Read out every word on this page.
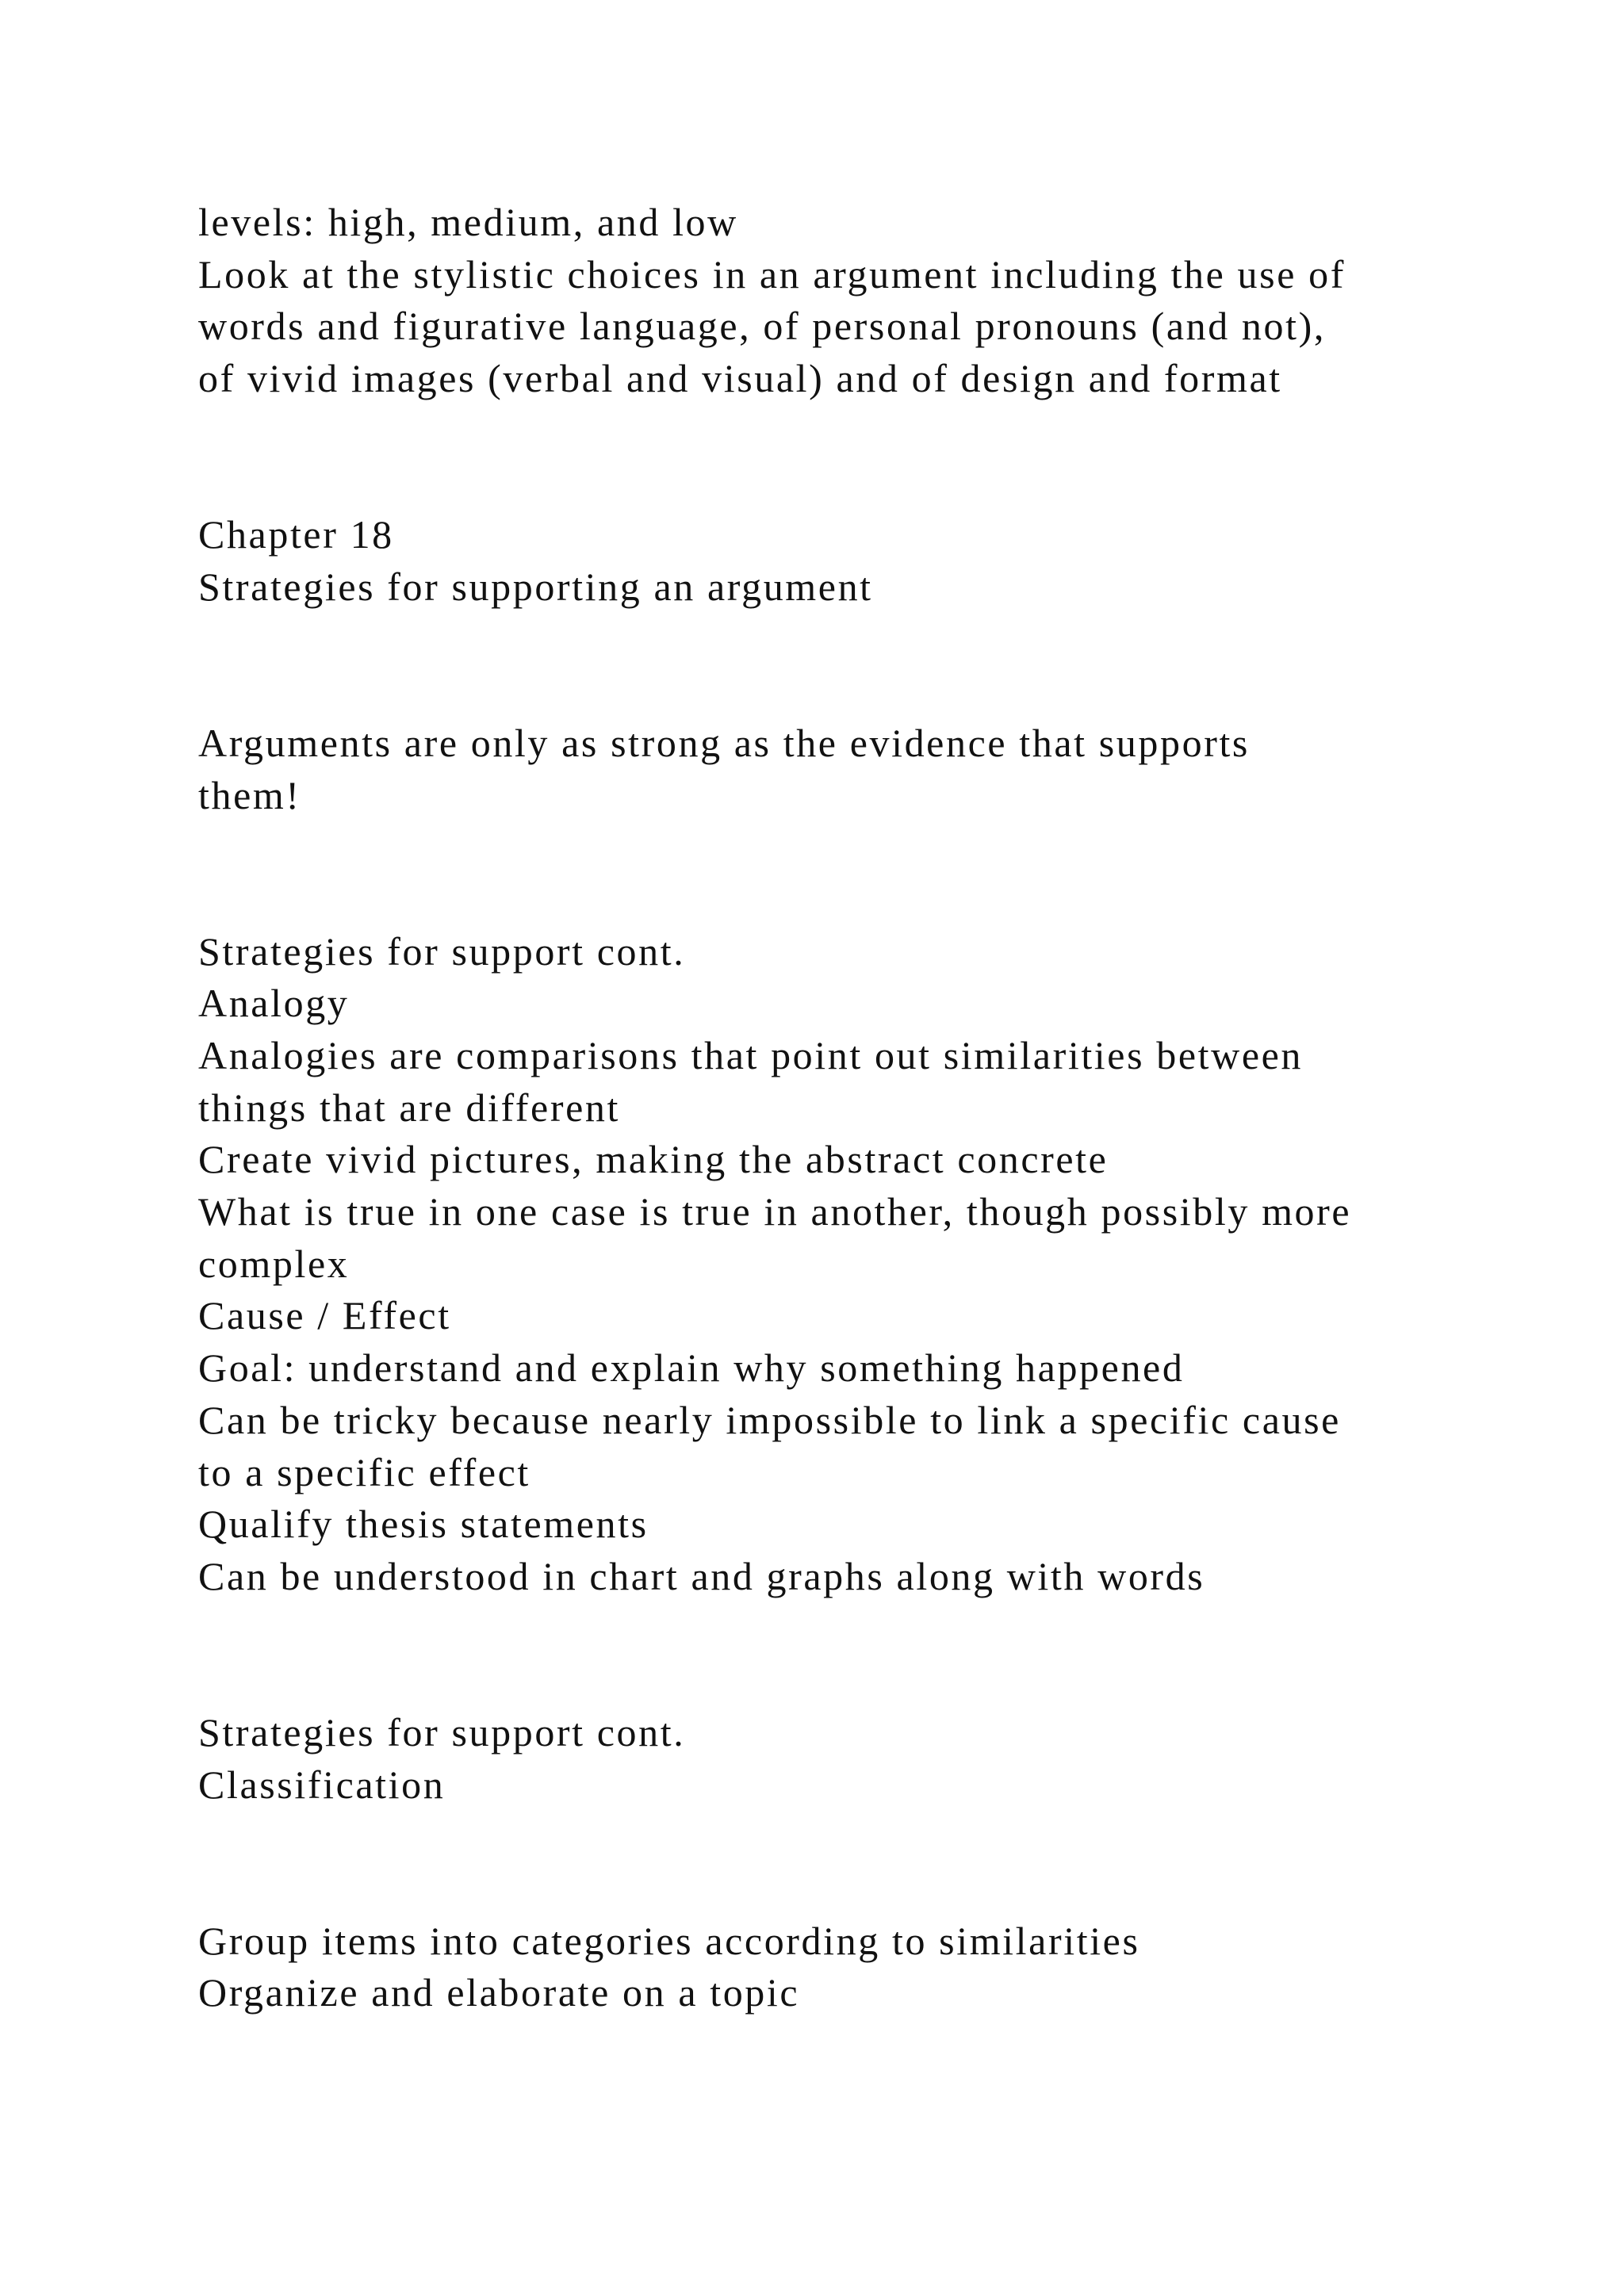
levels: high, medium, and low
Look at the stylistic choices in an argument including the use of
words and figurative language, of personal pronouns (and not),
of vivid images (verbal and visual) and of design and format
Chapter 18
Strategies for supporting an argument
Arguments are only as strong as the evidence that supports
them!
Strategies for support cont.
Analogy
Analogies are comparisons that point out similarities between
things that are different
Create vivid pictures, making the abstract concrete
What is true in one case is true in another, though possibly more
complex
Cause / Effect
Goal: understand and explain why something happened
Can be tricky because nearly impossible to link a specific cause
to a specific effect
Qualify thesis statements
Can be understood in chart and graphs along with words
Strategies for support cont.
Classification
Group items into categories according to similarities
Organize and elaborate on a topic
